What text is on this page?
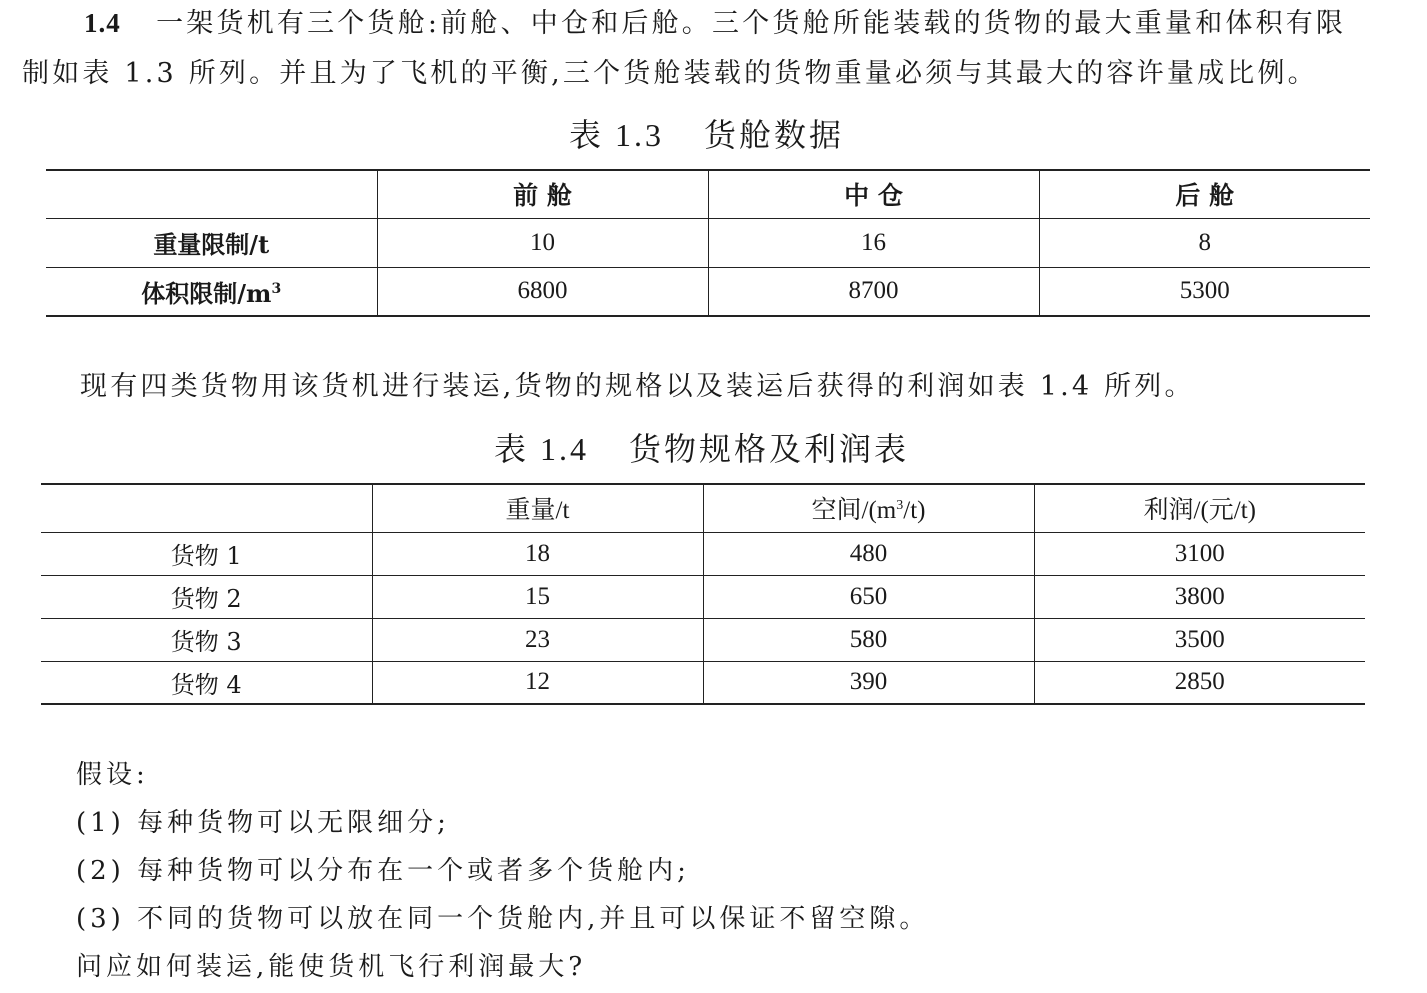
1.4 一架货机有三个货舱:前舱、中仓和后舱。三个货舱所能装载的货物的最大重量和体积有限
制如表 1.3 所列。并且为了飞机的平衡,三个货舱装载的货物重量必须与其最大的容许量成比例。
表 1.3 货舱数据
	前 舱	中 仓	后 舱
重量限制/t	10	16	8
体积限制$/m^3$	6800	8700	5300
现有四类货物用该货机进行装运,货物的规格以及装运后获得的利润如表 1.4 所列。
表 1.4 货物规格及利润表
	重量/t	空间$/(m^3/t)$	利润/(元/t)
货物 1	18	480	3100
货物 2	15	650	3800
货物 3	23	580	3500
货物 4	12	390	2850
假设:
(1) 每种货物可以无限细分;
(2) 每种货物可以分布在一个或者多个货舱内;
(3) 不同的货物可以放在同一个货舱内,并且可以保证不留空隙。
问应如何装运,能使货机飞行利润最大?
